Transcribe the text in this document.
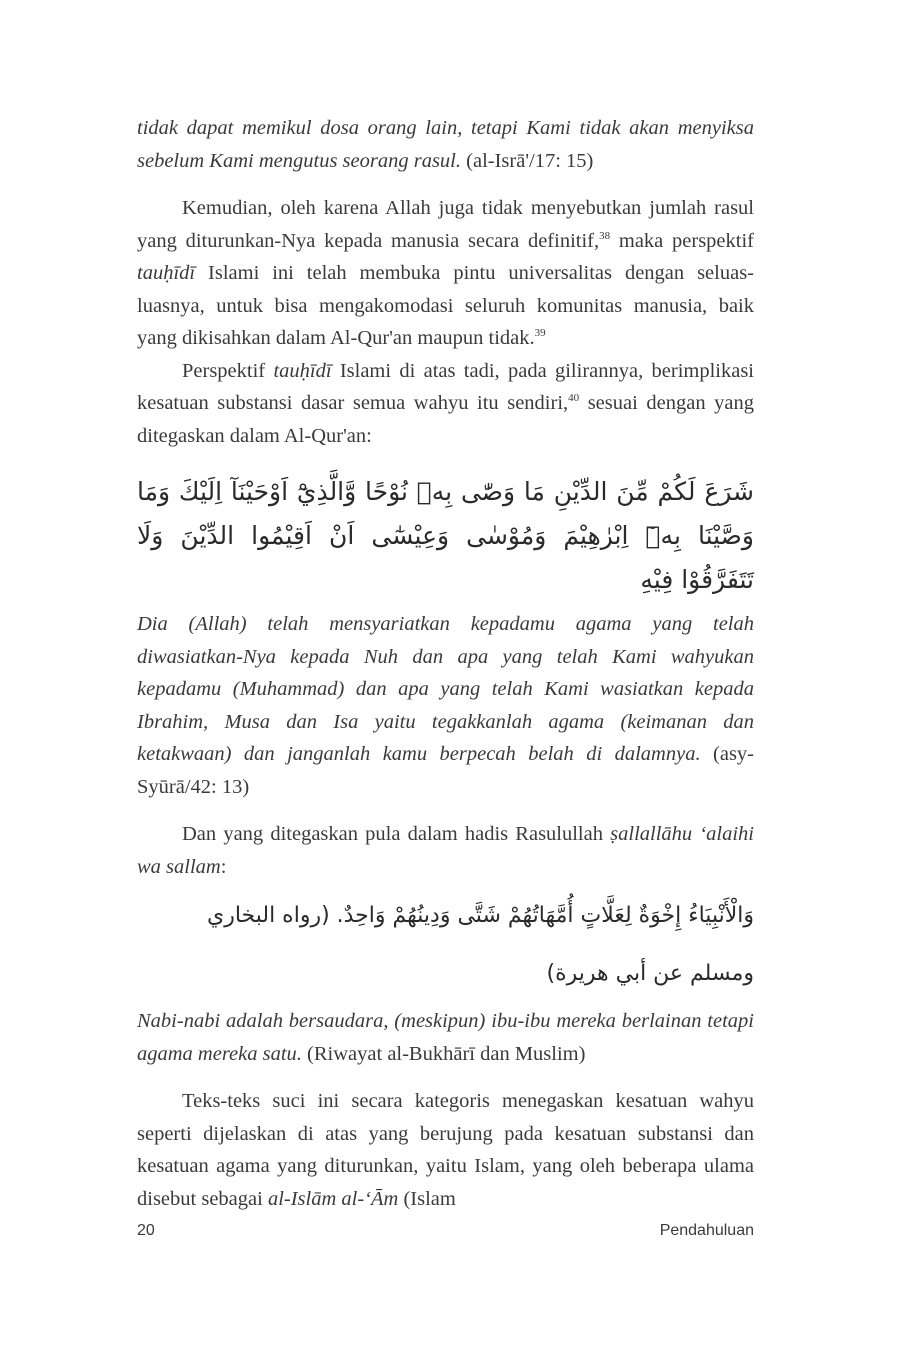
tidak dapat memikul dosa orang lain, tetapi Kami tidak akan menyiksa sebelum Kami mengutus seorang rasul. (al-Isrā'/17: 15)

Kemudian, oleh karena Allah juga tidak menyebutkan jumlah rasul yang diturunkan-Nya kepada manusia secara definitif,$^{38}$ maka perspektif tauḥīdī Islami ini telah membuka pintu universalitas dengan seluas-luasnya, untuk bisa mengakomodasi seluruh komunitas manusia, baik yang dikisahkan dalam Al-Qur'an maupun tidak.$^{39}$

Perspektif tauḥīdī Islami di atas tadi, pada gilirannya, berimplikasi kesatuan substansi dasar semua wahyu itu sendiri,$^{40}$ sesuai dengan yang ditegaskan dalam Al-Qur'an:

شَرَعَ لَكُمْ مِّنَ الدِّيْنِ مَا وَصّٰى بِهٖ نُوْحًا وَّالَّذِيْٓ اَوْحَيْنَآ اِلَيْكَ وَمَا وَصَّيْنَا بِهٖٓ اِبْرٰهِيْمَ وَمُوْسٰى وَعِيْسٰٓى اَنْ اَقِيْمُوا الدِّيْنَ وَلَا تَتَفَرَّقُوْا فِيْهِ

Dia (Allah) telah mensyariatkan kepadamu agama yang telah diwasiatkan-Nya kepada Nuh dan apa yang telah Kami wahyukan kepadamu (Muhammad) dan apa yang telah Kami wasiatkan kepada Ibrahim, Musa dan Isa yaitu tegakkanlah agama (keimanan dan ketakwaan) dan janganlah kamu berpecah belah di dalamnya. (asy-Syūrā/42: 13)

Dan yang ditegaskan pula dalam hadis Rasulullah ṣallallāhu ‘alaihi wa sallam:

وَالْأَنْبِيَاءُ إِخْوَةٌ لِعَلَّاتٍ أُمَّهَاتُهُمْ شَتَّى وَدِينُهُمْ وَاحِدٌ. (رواه البخاري ومسلم عن أبي هريرة)

Nabi-nabi adalah bersaudara, (meskipun) ibu-ibu mereka berlainan tetapi agama mereka satu. (Riwayat al-Bukhārī dan Muslim)

Teks-teks suci ini secara kategoris menegaskan kesatuan wahyu seperti dijelaskan di atas yang berujung pada kesatuan substansi dan kesatuan agama yang diturunkan, yaitu Islam, yang oleh beberapa ulama disebut sebagai al-Islām al-‘Ām (Islam

20	Pendahuluan
